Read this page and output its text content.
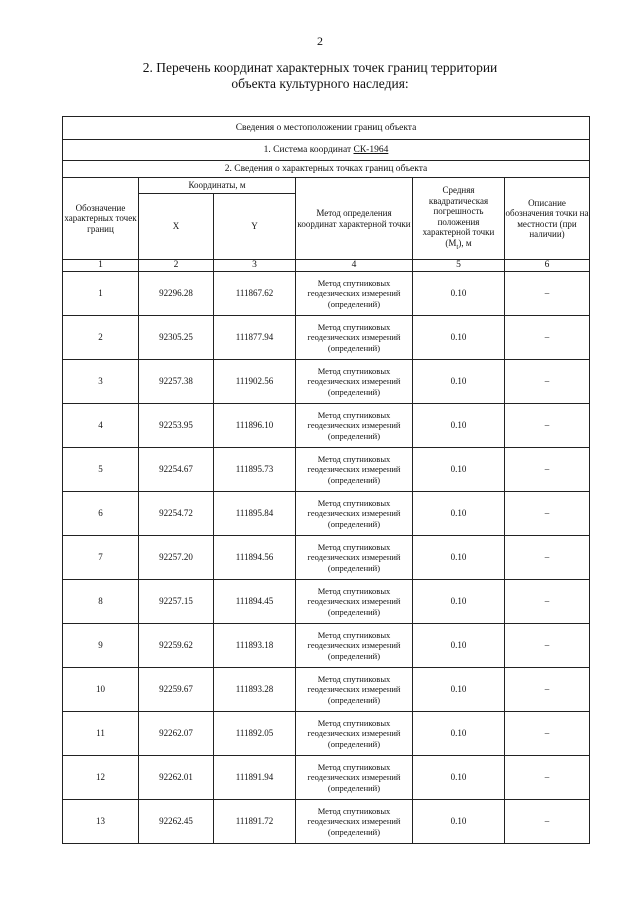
2
2. Перечень координат характерных точек границ территории
объекта культурного наследия:
Сведения о местоположении границ объекта					
1. Система координат СК-1964					
2. Сведения о характерных точках границ объекта					
Обозначение характерных точек границ	Координаты, м		Метод определения координат характерной точки	Средняя квадратическая погрешность положения характерной точки $(M_t)$, м	Описание обозначения точки на местности (при наличии)
	X	Y			
1	2	3	4	5	6
1	92296.28	111867.62	Метод спутниковых геодезических измерений (определений)	0.10	–
2	92305.25	111877.94	Метод спутниковых геодезических измерений (определений)	0.10	–
3	92257.38	111902.56	Метод спутниковых геодезических измерений (определений)	0.10	–
4	92253.95	111896.10	Метод спутниковых геодезических измерений (определений)	0.10	–
5	92254.67	111895.73	Метод спутниковых геодезических измерений (определений)	0.10	–
6	92254.72	111895.84	Метод спутниковых геодезических измерений (определений)	0.10	–
7	92257.20	111894.56	Метод спутниковых геодезических измерений (определений)	0.10	–
8	92257.15	111894.45	Метод спутниковых геодезических измерений (определений)	0.10	–
9	92259.62	111893.18	Метод спутниковых геодезических измерений (определений)	0.10	–
10	92259.67	111893.28	Метод спутниковых геодезических измерений (определений)	0.10	–
11	92262.07	111892.05	Метод спутниковых геодезических измерений (определений)	0.10	–
12	92262.01	111891.94	Метод спутниковых геодезических измерений (определений)	0.10	–
13	92262.45	111891.72	Метод спутниковых геодезических измерений (определений)	0.10	–
